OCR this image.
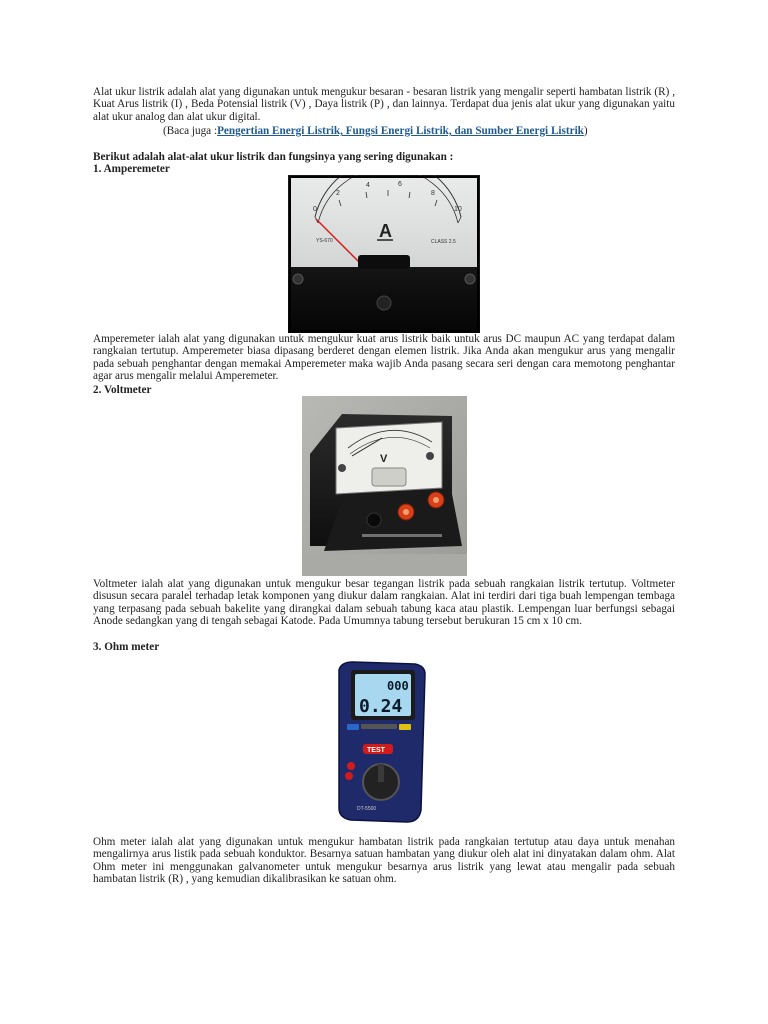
Alat ukur listrik adalah alat yang digunakan untuk mengukur besaran - besaran listrik yang mengalir seperti hambatan listrik (R) , Kuat Arus listrik (I) , Beda Potensial listrik (V) , Daya listrik (P) , dan lainnya. Terdapat dua jenis alat ukur yang digunakan yaitu alat ukur analog dan alat ukur digital.

(Baca juga :Pengertian Energi Listrik, Fungsi Energi Listrik, dan Sumber Energi Listrik)
Berikut adalah alat-alat ukur listrik dan fungsinya yang sering digunakan :
1. Amperemeter
0
2
4	6
8
10
A
YS-670	CLASS 2.5

Amperemeter ialah alat yang digunakan untuk mengukur kuat arus listrik baik untuk arus DC maupun AC yang terdapat dalam rangkaian tertutup. Amperemeter biasa dipasang berderet dengan elemen listrik. Jika Anda akan mengukur arus yang mengalir pada sebuah penghantar dengan memakai Amperemeter maka wajib Anda pasang secara seri dengan cara memotong penghantar agar arus mengalir melalui Amperemeter.

2. Voltmeter
V

Voltmeter ialah alat yang digunakan untuk mengukur besar tegangan listrik pada sebuah rangkaian listrik tertutup. Voltmeter disusun secara paralel terhadap letak komponen yang diukur dalam rangkaian. Alat ini terdiri dari tiga buah lempengan tembaga yang terpasang pada sebuah bakelite yang dirangkai dalam sebuah tabung kaca atau plastik. Lempengan luar berfungsi sebagai Anode sedangkan yang di tengah sebagai Katode. Pada Umumnya tabung tersebut berukuran 15 cm x 10 cm.

3. Ohm meter
000
0.24
TEST
DT-5500

Ohm meter ialah alat yang digunakan untuk mengukur hambatan listrik pada rangkaian tertutup atau daya untuk menahan mengalirnya arus listik pada sebuah konduktor. Besarnya satuan hambatan yang diukur oleh alat ini dinyatakan dalam ohm. Alat Ohm meter ini menggunakan galvanometer untuk mengukur besarnya arus listrik yang lewat atau mengalir pada sebuah hambatan listrik (R) , yang kemudian dikalibrasikan ke satuan ohm.
